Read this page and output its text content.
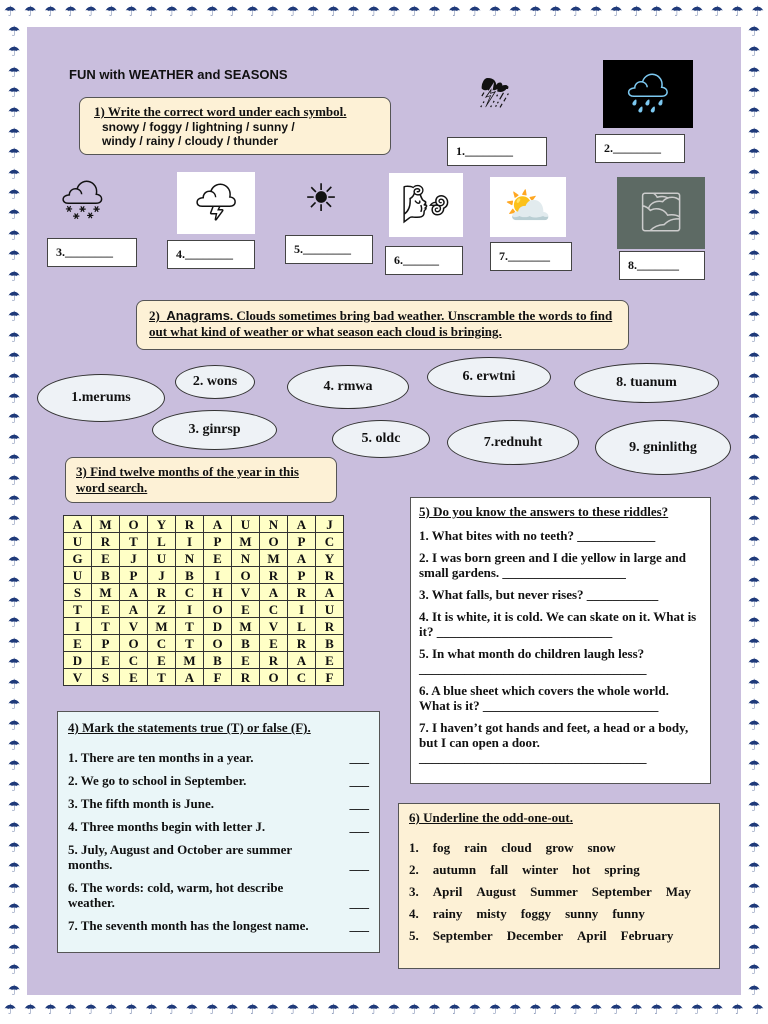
☂ ☂ ☂ ☂ ☂ ☂ ☂ ☂ ☂ ☂ ☂ ☂ ☂ ☂ ☂ ☂ ☂ ☂ ☂ ☂ ☂ ☂ ☂ ☂ ☂ ☂ ☂ ☂ ☂ ☂ ☂ ☂ ☂ ☂ ☂ ☂ ☂ ☂
☂ ☂ ☂ ☂ ☂ ☂ ☂ ☂ ☂ ☂ ☂ ☂ ☂ ☂ ☂ ☂ ☂ ☂ ☂ ☂ ☂ ☂ ☂ ☂ ☂ ☂ ☂ ☂ ☂ ☂ ☂ ☂ ☂ ☂ ☂ ☂ ☂ ☂
☂
☂
☂
☂
☂
☂
☂
☂
☂
☂
☂
☂
☂
☂
☂
☂
☂
☂
☂
☂
☂
☂
☂
☂
☂
☂
☂
☂
☂
☂
☂
☂
☂
☂
☂
☂
☂
☂
☂
☂
☂
☂
☂
☂
☂
☂
☂
☂
☂
☂
☂
☂
☂
☂
☂
☂
☂
☂
☂
☂
☂
☂
☂
☂
☂
☂
☂
☂
☂
☂
☂
☂
☂
☂
☂
☂
☂
☂
☂
☂
☂
☂
☂
☂
☂
☂
☂
☂
☂
☂
☂
☂
☂
☂
☂
☂
FUN with WEATHER and SEASONS
1) Write the correct word under each symbol.
snowy / foggy / lightning / sunny /
windy / rainy / cloudy / thunder
⛈	🌧
1.________	2.________
🌨	🌩	☀	🌬	⛅	🌫
3.________	4.________	5.________
6.______	7._______
8._______
2) Anagrams. Clouds sometimes bring bad weather. Unscramble the words to find out what kind of weather or what season each cloud is bringing.
1.merums
2. wons
3. ginrsp
4. rmwa
5. oldc
6. erwtni
7.rednuht
8. tuanum
9. gninlithg
3) Find twelve months of the year in this word search.
A	M	O	Y	R	A	U	N	A	J
U	R	T	L	I	P	M	O	P	C
G	E	J	U	N	E	N	M	A	Y
U	B	P	J	B	I	O	R	P	R
S	M	A	R	C	H	V	A	R	A
T	E	A	Z	I	O	E	C	I	U
I	T	V	M	T	D	M	V	L	R
E	P	O	C	T	O	B	E	R	B
D	E	C	E	M	B	E	R	A	E
V	S	E	T	A	F	R	O	C	F
4) Mark the statements true (T) or false (F).
1. There are ten months in a year.	___
2. We go to school in September.	___
3. The fifth month is June.	___
4. Three months begin with letter J.	___
5. July, August and October are summer months.	___
6. The words: cold, warm, hot describe weather.	___
7. The seventh month has the longest name.	___
5) Do you know the answers to these riddles?
1. What bites with no teeth? ____________
2. I was born green and I die yellow in large and small gardens. ___________________
3. What falls, but never rises? ___________
4. It is white, it is cold. We can skate on it. What is it? ___________________________
5. In what month do children laugh less? ___________________________________
6. A blue sheet which covers the whole world. What is it? ___________________________
7. I haven’t got hands and feet, a head or a body, but I can open a door. ___________________________________
6) Underline the odd-one-out.
1. fog rain cloud grow snow
2. autumn fall winter hot spring
3. April August Summer September May
4. rainy misty foggy sunny funny
5. September December April February
